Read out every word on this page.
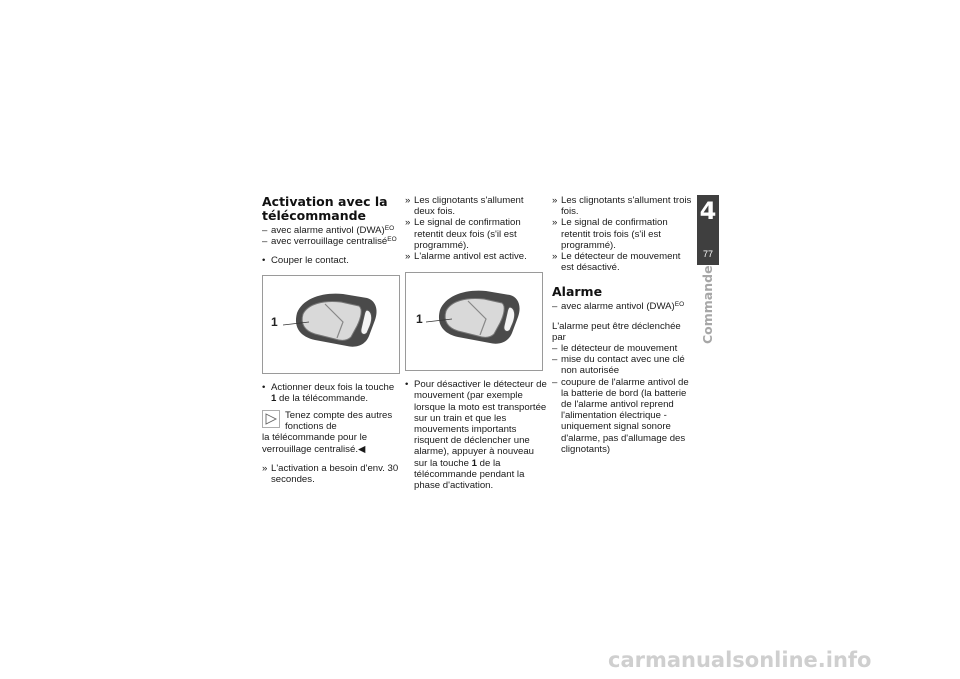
Activation avec la télécommande
– avec alarme antivol (DWA)$^{EO}$
– avec verrouillage centralisé$^{EO}$
• Couper le contact.
1
• Actionner deux fois la touche 1 de la télécommande.
Tenez compte des autres fonctions de
la télécommande pour le verrouillage centralisé.◀
» L'activation a besoin d'env. 30 secondes.
» Les clignotants s'allument deux fois.
» Le signal de confirmation retentit deux fois (s'il est programmé).
» L'alarme antivol est active.
1
• Pour désactiver le détecteur de mouvement (par exemple lorsque la moto est transportée sur un train et que les mouvements importants risquent de déclencher une alarme), appuyer à nouveau sur la touche 1 de la télécommande pendant la phase d'activation.
» Les clignotants s'allument trois fois.
» Le signal de confirmation retentit trois fois (s'il est programmé).
» Le détecteur de mouvement est désactivé.
Alarme
– avec alarme antivol (DWA)$^{EO}$

L'alarme peut être déclenchée par

– le détecteur de mouvement
– mise du contact avec une clé non autorisée
– coupure de l'alarme antivol de la batterie de bord (la batterie de l'alarme antivol reprend l'alimentation électrique - uniquement signal sonore d'alarme, pas d'allumage des clignotants)
4
77
Commande
carmanualsonline.info
